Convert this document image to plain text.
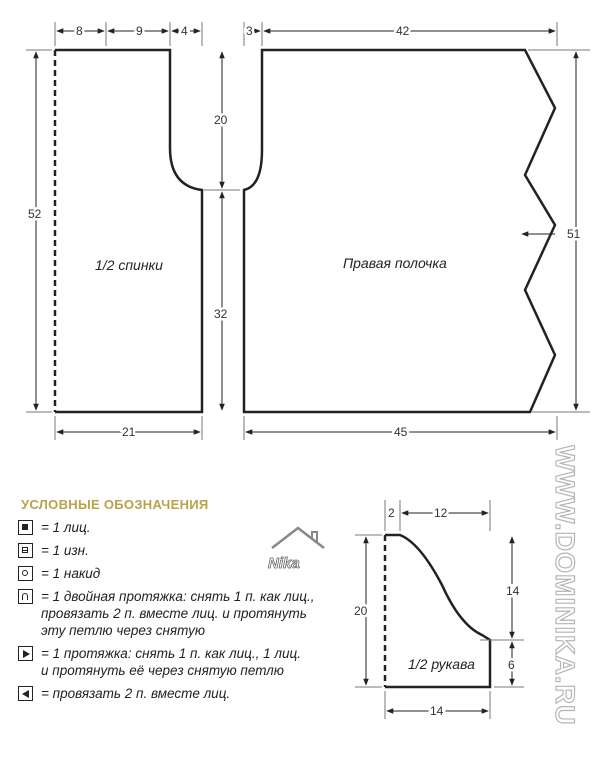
1/2 спинки
8	9	4
52
20
32
21
Правая полочка
3	42
51
45
1/2 рукава
2	12
20
14
6
14
УСЛОВНЫЕ ОБОЗНАЧЕНИЯ
= 1 лиц.
= 1 изн.
= 1 накид
= 1 двойная протяжка: снять 1 п. как лиц., провязать 2 п. вместе лиц. и протянуть эту петлю через снятую
= 1 протяжка: снять 1 п. как лиц., 1 лиц. и протянуть её через снятую петлю
= провязать 2 п. вместе лиц.
Nika	WWW.DOMINIKA.RU
